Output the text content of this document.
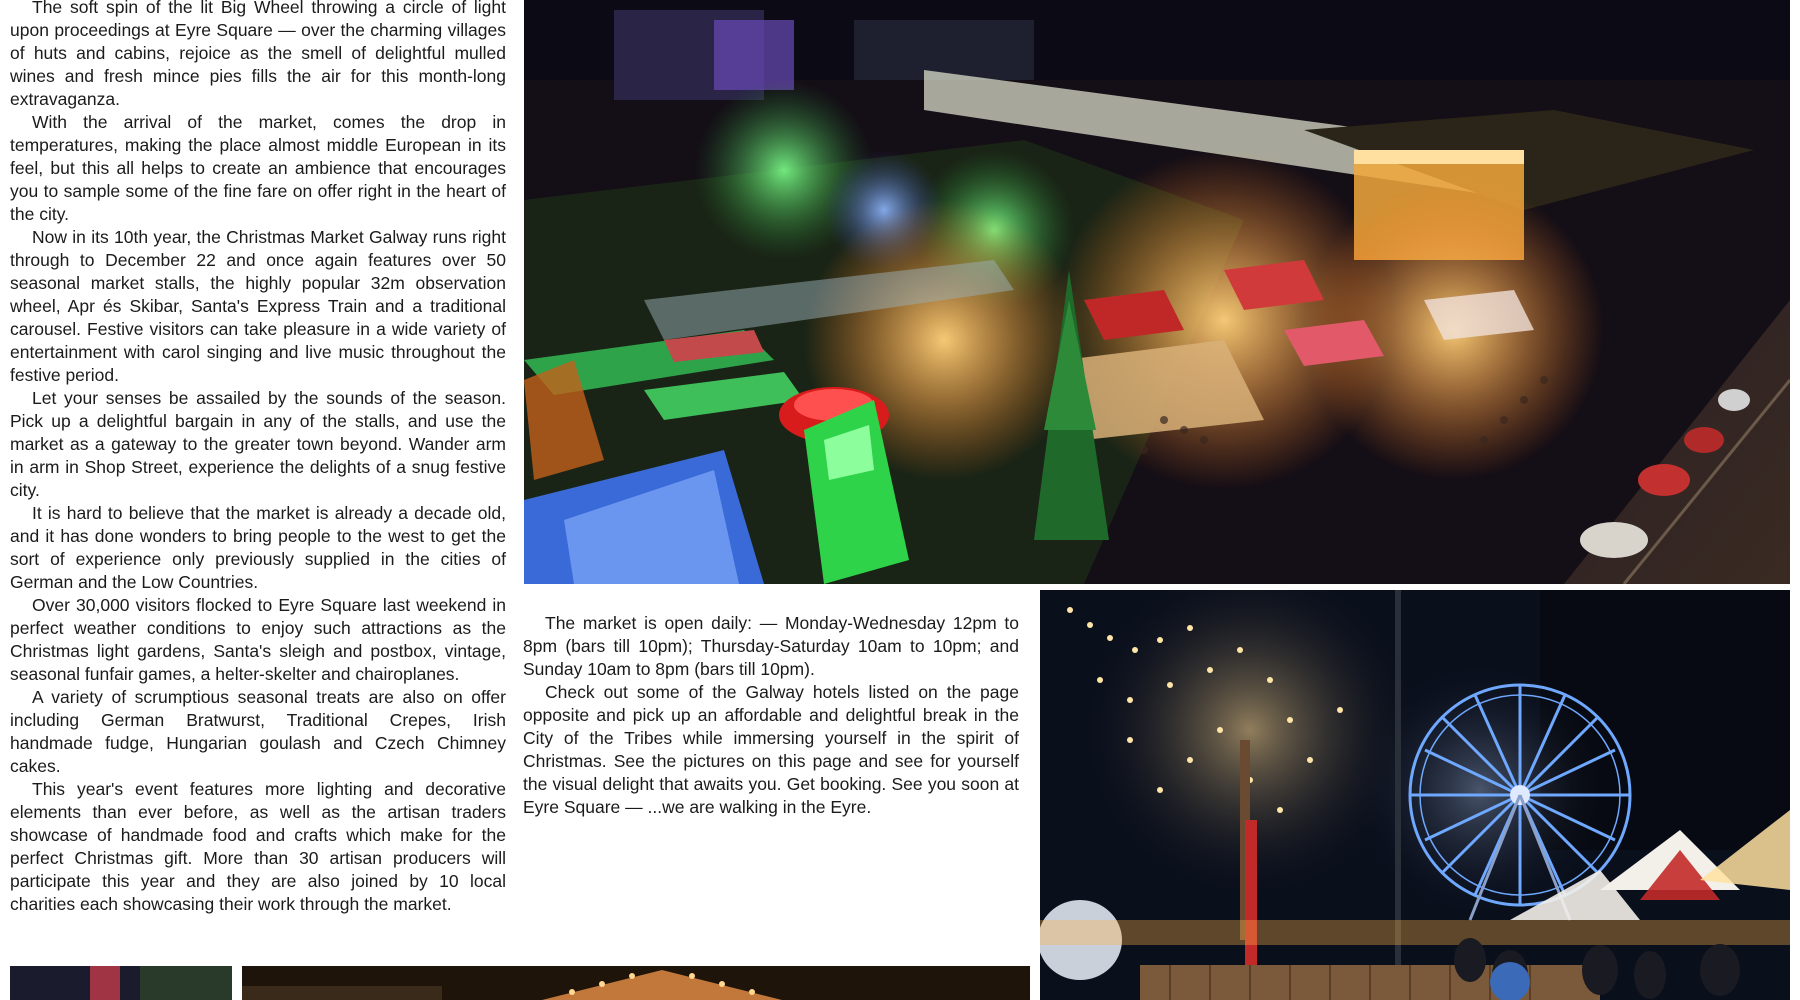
The soft spin of the lit Big Wheel throwing a circle of light upon proceedings at Eyre Square — over the charming villages of huts and cabins, rejoice as the smell of delightful mulled wines and fresh mince pies fills the air for this month-long extravaganza.

With the arrival of the market, comes the drop in temperatures, making the place almost middle European in its feel, but this all helps to create an ambience that encourages you to sample some of the fine fare on offer right in the heart of the city.

Now in its 10th year, the Christmas Market Galway runs right through to December 22 and once again features over 50 seasonal market stalls, the highly popular 32m observation wheel, Apr és Skibar, Santa's Express Train and a traditional carousel. Festive visitors can take pleasure in a wide variety of entertainment with carol singing and live music throughout the festive period.

Let your senses be assailed by the sounds of the season. Pick up a delightful bargain in any of the stalls, and use the market as a gateway to the greater town beyond. Wander arm in arm in Shop Street, experience the delights of a snug festive city.

It is hard to believe that the market is already a decade old, and it has done wonders to bring people to the west to get the sort of experience only previously supplied in the cities of German and the Low Countries.

Over 30,000 visitors flocked to Eyre Square last weekend in perfect weather conditions to enjoy such attractions as the Christmas light gardens, Santa's sleigh and postbox, vintage, seasonal funfair games, a helter-skelter and chairoplanes.

A variety of scrumptious seasonal treats are also on offer including German Bratwurst, Traditional Crepes, Irish handmade fudge, Hungarian goulash and Czech Chimney cakes.

This year's event features more lighting and decorative elements than ever before, as well as the artisan traders showcase of handmade food and crafts which make for the perfect Christmas gift. More than 30 artisan producers will participate this year and they are also joined by 10 local charities each showcasing their work through the market.

The market is open daily: — Monday-Wednesday 12pm to 8pm (bars till 10pm); Thursday-Saturday 10am to 10pm; and Sunday 10am to 8pm (bars till 10pm).

Check out some of the Galway hotels listed on the page opposite and pick up an affordable and delightful break in the City of the Tribes while immersing yourself in the spirit of Christmas. See the pictures on this page and see for yourself the visual delight that awaits you. Get booking. See you soon at Eyre Square — ...we are walking in the Eyre.
